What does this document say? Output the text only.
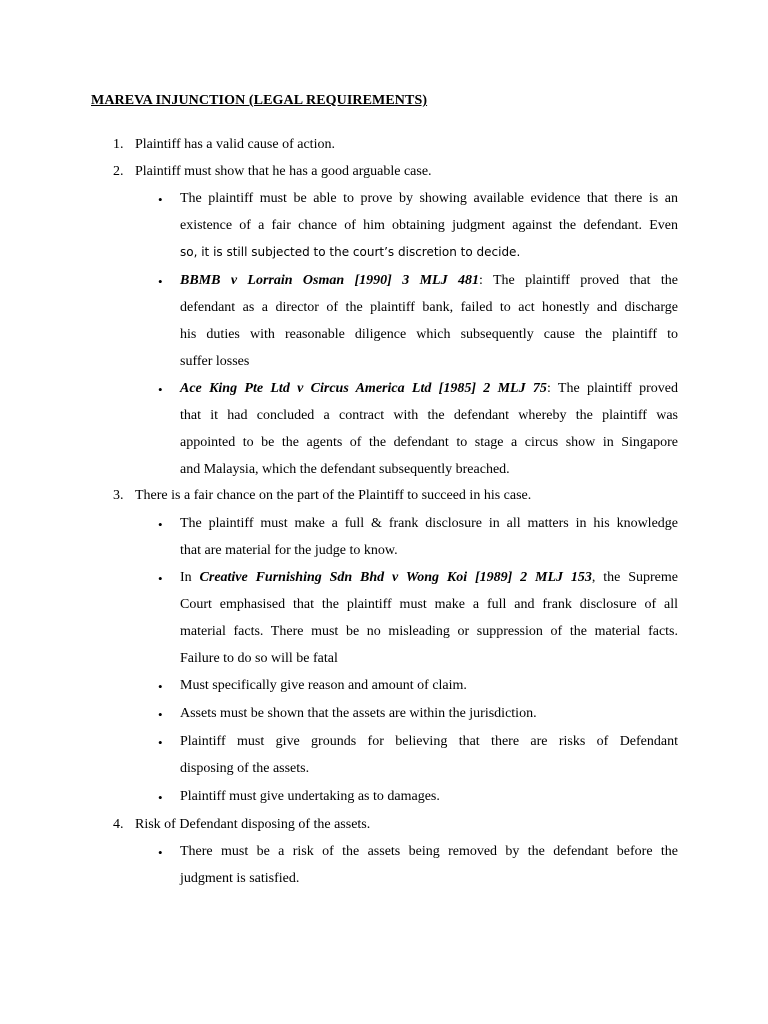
MAREVA INJUNCTION (LEGAL REQUIREMENTS)
1. Plaintiff has a valid cause of action.
2. Plaintiff must show that he has a good arguable case.
• The plaintiff must be able to prove by showing available evidence that there is an
existence of a fair chance of him obtaining judgment against the defendant. Even
so, it is still subjected to the court’s discretion to decide.
• BBMB v Lorrain Osman [1990] 3 MLJ 481: The plaintiff proved that the
defendant as a director of the plaintiff bank, failed to act honestly and discharge
his duties with reasonable diligence which subsequently cause the plaintiff to
suffer losses
• Ace King Pte Ltd v Circus America Ltd [1985] 2 MLJ 75: The plaintiff proved
that it had concluded a contract with the defendant whereby the plaintiff was
appointed to be the agents of the defendant to stage a circus show in Singapore
and Malaysia, which the defendant subsequently breached.
3. There is a fair chance on the part of the Plaintiff to succeed in his case.
• The plaintiff must make a full & frank disclosure in all matters in his knowledge
that are material for the judge to know.
• In Creative Furnishing Sdn Bhd v Wong Koi [1989] 2 MLJ 153, the Supreme
Court emphasised that the plaintiff must make a full and frank disclosure of all
material facts. There must be no misleading or suppression of the material facts.
Failure to do so will be fatal
• Must specifically give reason and amount of claim.
• Assets must be shown that the assets are within the jurisdiction.
• Plaintiff must give grounds for believing that there are risks of Defendant
disposing of the assets.
• Plaintiff must give undertaking as to damages.
4. Risk of Defendant disposing of the assets.
• There must be a risk of the assets being removed by the defendant before the
judgment is satisfied.
